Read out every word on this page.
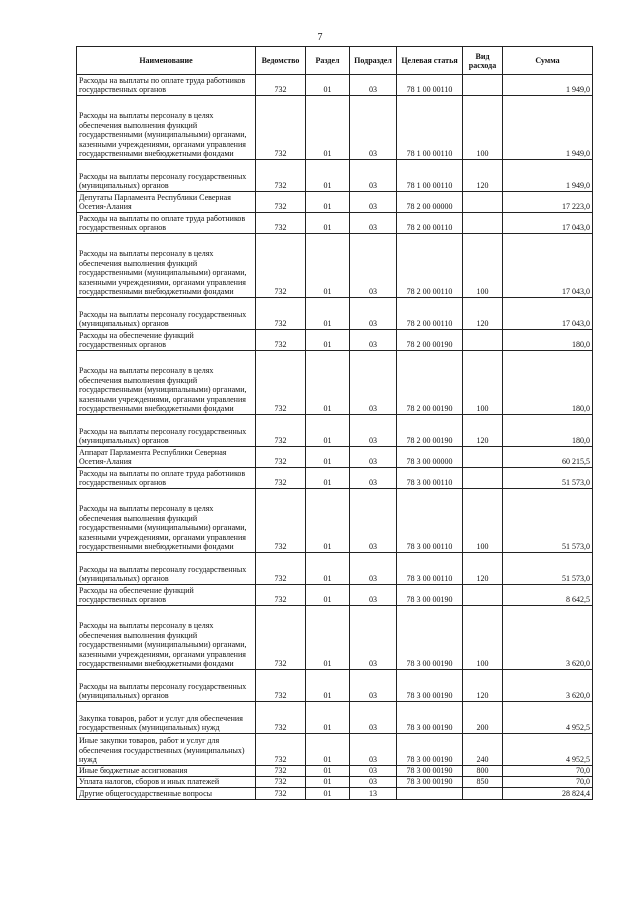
7
Наименование	Ведомство	Раздел	Подраздел	Целевая статья	Вид расхода	Сумма
Расходы на выплаты по оплате труда работников государственных органов	732	01	03	78 1 00 00110		1 949,0
Расходы на выплаты персоналу в целях обеспечения выполнения функций государственными (муниципальными) органами, казенными учреждениями, органами управления государственными внебюджетными фондами	732	01	03	78 1 00 00110	100	1 949,0
Расходы на выплаты персоналу государственных (муниципальных) органов	732	01	03	78 1 00 00110	120	1 949,0
Депутаты Парламента Республики Северная Осетия-Алания	732	01	03	78 2 00 00000		17 223,0
Расходы на выплаты по оплате труда работников государственных органов	732	01	03	78 2 00 00110		17 043,0
Расходы на выплаты персоналу в целях обеспечения выполнения функций государственными (муниципальными) органами, казенными учреждениями, органами управления государственными внебюджетными фондами	732	01	03	78 2 00 00110	100	17 043,0
Расходы на выплаты персоналу государственных (муниципальных) органов	732	01	03	78 2 00 00110	120	17 043,0
Расходы на обеспечение функций государственных органов	732	01	03	78 2 00 00190		180,0
Расходы на выплаты персоналу в целях обеспечения выполнения функций государственными (муниципальными) органами, казенными учреждениями, органами управления государственными внебюджетными фондами	732	01	03	78 2 00 00190	100	180,0
Расходы на выплаты персоналу государственных (муниципальных) органов	732	01	03	78 2 00 00190	120	180,0
Аппарат Парламента Республики Северная Осетия-Алания	732	01	03	78 3 00 00000		60 215,5
Расходы на выплаты по оплате труда работников государственных органов	732	01	03	78 3 00 00110		51 573,0
Расходы на выплаты персоналу в целях обеспечения выполнения функций государственными (муниципальными) органами, казенными учреждениями, органами управления государственными внебюджетными фондами	732	01	03	78 3 00 00110	100	51 573,0
Расходы на выплаты персоналу государственных (муниципальных) органов	732	01	03	78 3 00 00110	120	51 573,0
Расходы на обеспечение функций государственных органов	732	01	03	78 3 00 00190		8 642,5
Расходы на выплаты персоналу в целях обеспечения выполнения функций государственными (муниципальными) органами, казенными учреждениями, органами управления государственными внебюджетными фондами	732	01	03	78 3 00 00190	100	3 620,0
Расходы на выплаты персоналу государственных (муниципальных) органов	732	01	03	78 3 00 00190	120	3 620,0
Закупка товаров, работ и услуг для обеспечения государственных (муниципальных) нужд	732	01	03	78 3 00 00190	200	4 952,5
Иные закупки товаров, работ и услуг для обеспечения государственных (муниципальных) нужд	732	01	03	78 3 00 00190	240	4 952,5
Иные бюджетные ассигнования	732	01	03	78 3 00 00190	800	70,0
Уплата налогов, сборов и иных платежей	732	01	03	78 3 00 00190	850	70,0
Другие общегосударственные вопросы	732	01	13			28 824,4
